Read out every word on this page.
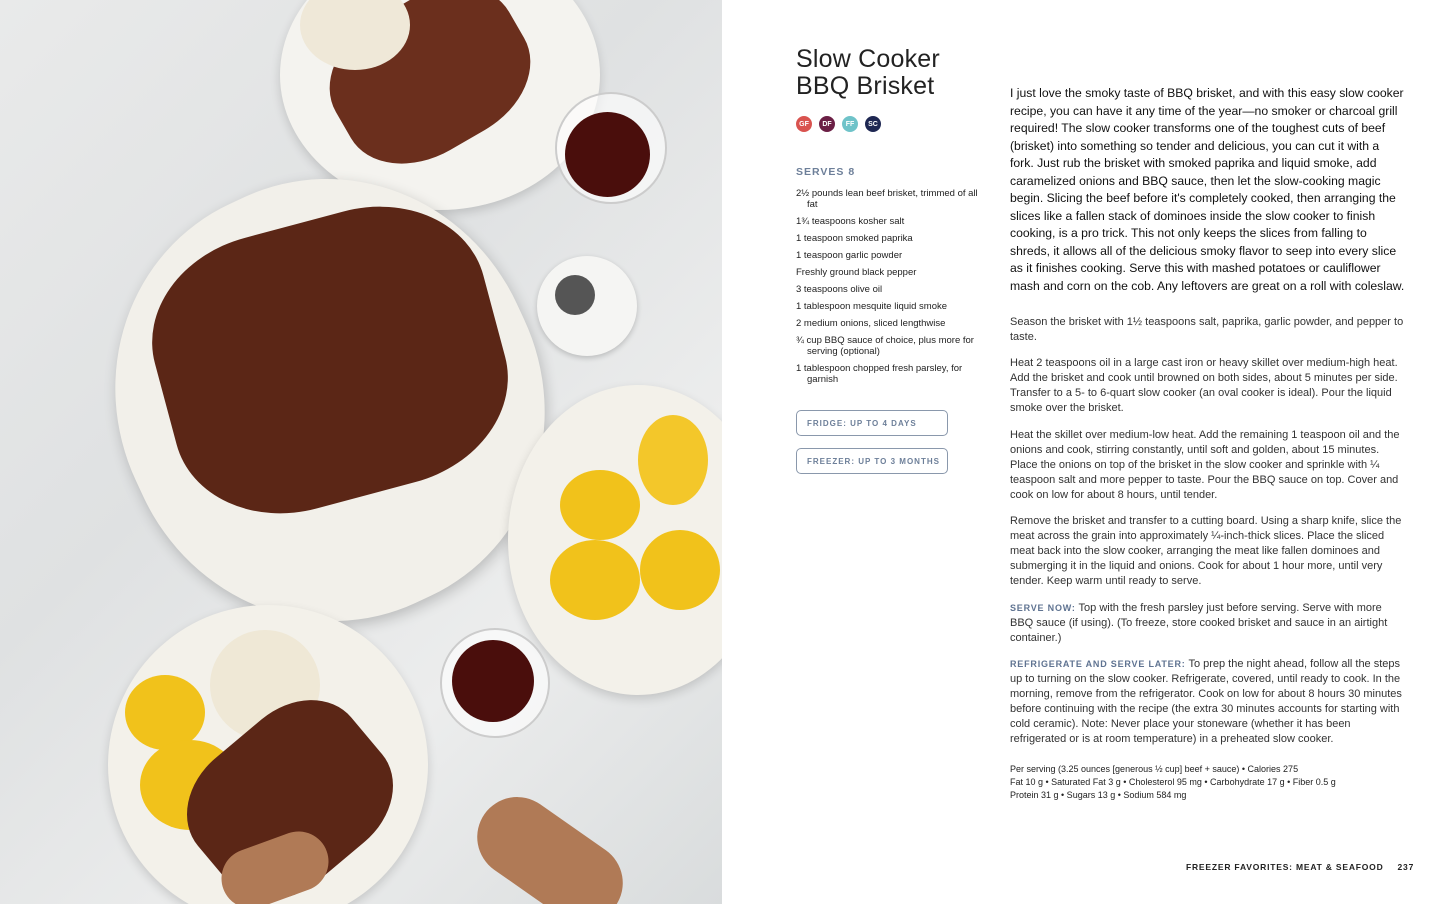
Slow Cooker
BBQ Brisket
GF	DF	FF	SC
SERVES 8
2½ pounds lean beef brisket, trimmed of all fat
1¾ teaspoons kosher salt
1 teaspoon smoked paprika
1 teaspoon garlic powder
Freshly ground black pepper
3 teaspoons olive oil
1 tablespoon mesquite liquid smoke
2 medium onions, sliced lengthwise
¾ cup BBQ sauce of choice, plus more for serving (optional)
1 tablespoon chopped fresh parsley, for garnish
FRIDGE: UP TO 4 DAYS
FREEZER: UP TO 3 MONTHS

I just love the smoky taste of BBQ brisket, and with this easy slow cooker recipe, you can have it any time of the year—no smoker or charcoal grill required! The slow cooker transforms one of the toughest cuts of beef (brisket) into something so tender and delicious, you can cut it with a fork. Just rub the brisket with smoked paprika and liquid smoke, add caramelized onions and BBQ sauce, then let the slow-cooking magic begin. Slicing the beef before it's completely cooked, then arranging the slices like a fallen stack of dominoes inside the slow cooker to finish cooking, is a pro trick. This not only keeps the slices from falling to shreds, it allows all of the delicious smoky flavor to seep into every slice as it finishes cooking. Serve this with mashed potatoes or cauliflower mash and corn on the cob. Any leftovers are great on a roll with coleslaw.

Season the brisket with 1½ teaspoons salt, paprika, garlic powder, and pepper to taste.

Heat 2 teaspoons oil in a large cast iron or heavy skillet over medium-high heat. Add the brisket and cook until browned on both sides, about 5 minutes per side. Transfer to a 5- to 6-quart slow cooker (an oval cooker is ideal). Pour the liquid smoke over the brisket.

Heat the skillet over medium-low heat. Add the remaining 1 teaspoon oil and the onions and cook, stirring constantly, until soft and golden, about 15 minutes. Place the onions on top of the brisket in the slow cooker and sprinkle with ¼ teaspoon salt and more pepper to taste. Pour the BBQ sauce on top. Cover and cook on low for about 8 hours, until tender.

Remove the brisket and transfer to a cutting board. Using a sharp knife, slice the meat across the grain into approximately ¼-inch-thick slices. Place the sliced meat back into the slow cooker, arranging the meat like fallen dominoes and submerging it in the liquid and onions. Cook for about 1 hour more, until very tender. Keep warm until ready to serve.

SERVE NOW: Top with the fresh parsley just before serving. Serve with more BBQ sauce (if using). (To freeze, store cooked brisket and sauce in an airtight container.)

REFRIGERATE AND SERVE LATER: To prep the night ahead, follow all the steps up to turning on the slow cooker. Refrigerate, covered, until ready to cook. In the morning, remove from the refrigerator. Cook on low for about 8 hours 30 minutes before continuing with the recipe (the extra 30 minutes accounts for starting with cold ceramic). Note: Never place your stoneware (whether it has been refrigerated or is at room temperature) in a preheated slow cooker.

Per serving (3.25 ounces [generous ½ cup] beef + sauce) • Calories 275
Fat 10 g • Saturated Fat 3 g • Cholesterol 95 mg • Carbohydrate 17 g • Fiber 0.5 g
Protein 31 g • Sugars 13 g • Sodium 584 mg
FREEZER FAVORITES: MEAT & SEAFOOD 237
